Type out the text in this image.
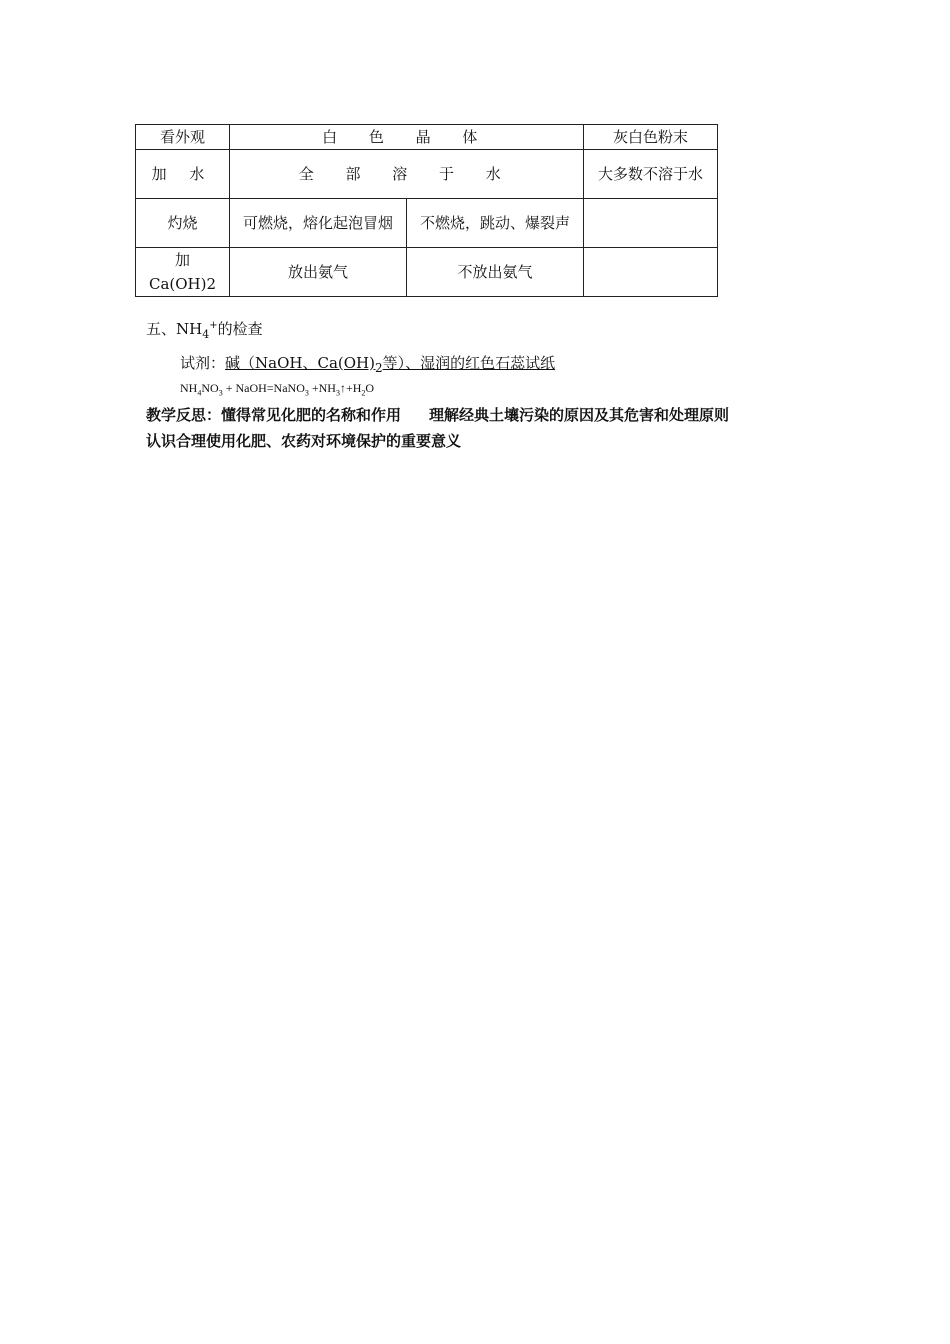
看外观	白 色 晶 体		灰白色粉末
加 水	全 部 溶 于 水		大多数不溶于水
灼烧	可燃烧，熔化起泡冒烟	不燃烧，跳动、爆裂声	
加Ca(OH)2	放出氨气	不放出氨气	
五、$NH_4^+$的检查
试剂：碱（NaOH、$Ca(OH)_2$等）、湿润的红色石蕊试纸
$NH_4NO_3$ + NaOH=NaNO$_3$ $+NH_3↑+H_2O$
教学反思：懂得常见化肥的名称和作用 理解经典土壤污染的原因及其危害和处理原则
认识合理使用化肥、农药对环境保护的重要意义
